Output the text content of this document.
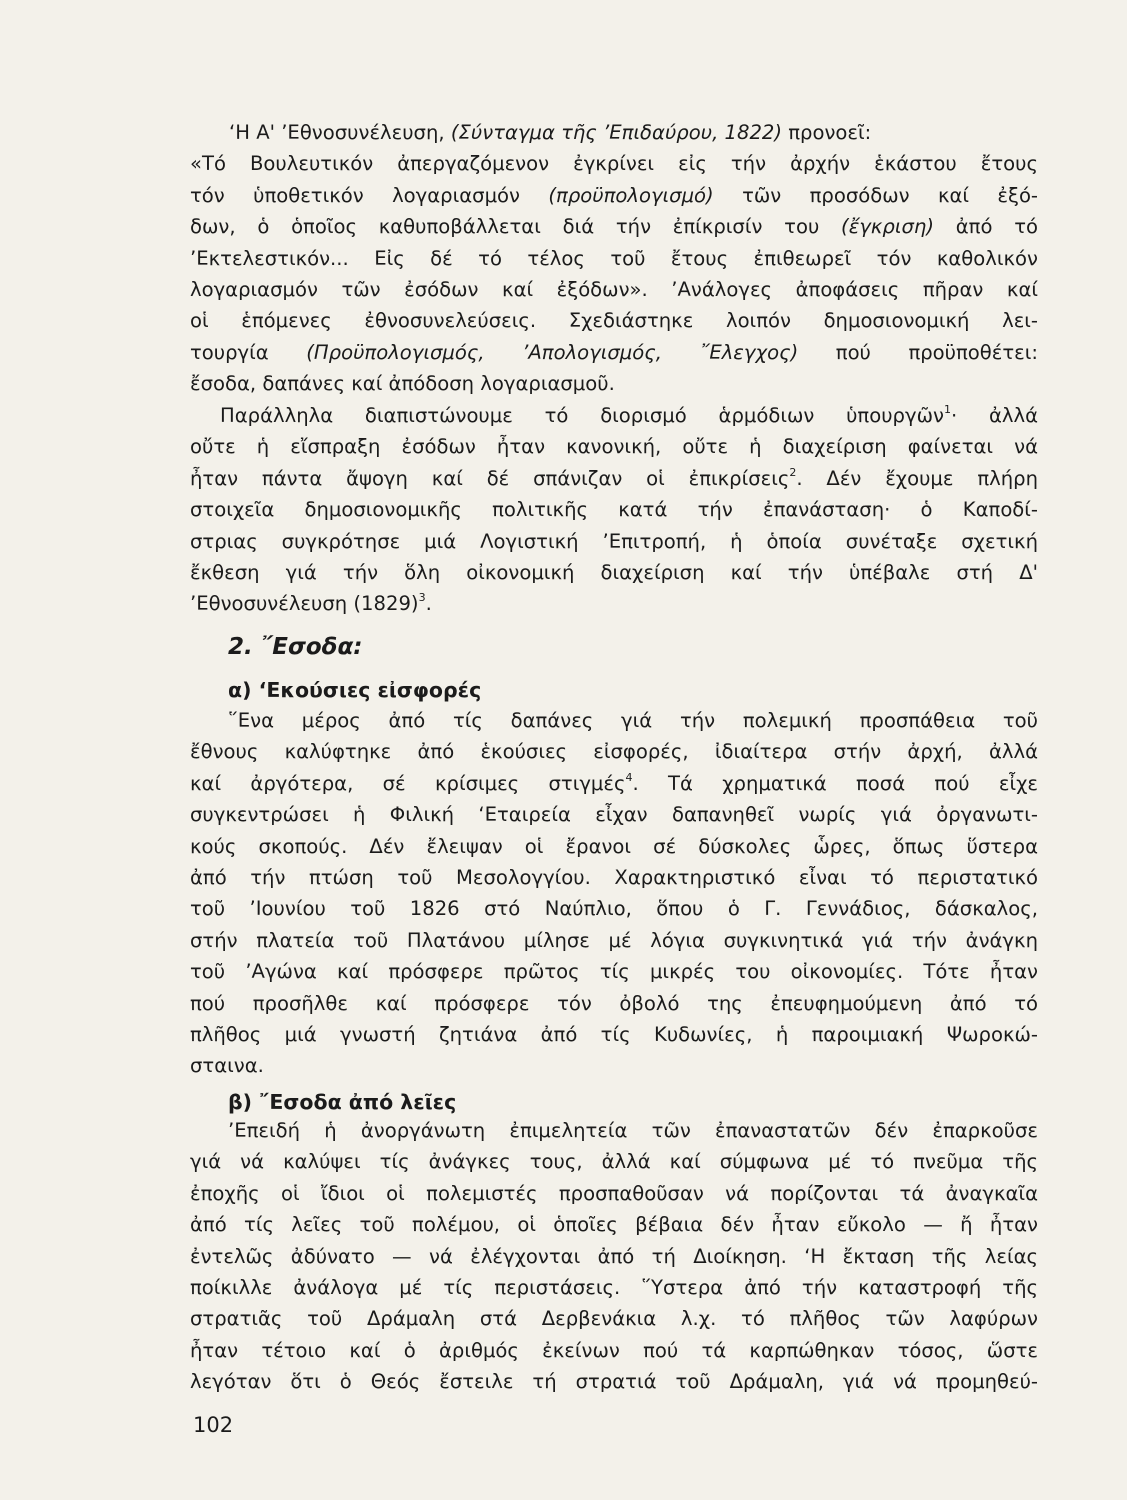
‘Η Α' ’Εθνοσυνέλευση, (Σύνταγμα τῆς ’Επιδαύρου, 1822) προνοεῖ:
«Τό Βουλευτικόν ἀπεργαζόμενον ἐγκρίνει εἰς τήν ἀρχήν ἑκάστου ἔτους
τόν ὑποθετικόν λογαριασμόν (προϋπολογισμό) τῶν προσόδων καί ἐξό-
δων, ὁ ὁποῖος καθυποβάλλεται διά τήν ἐπίκρισίν του (ἔγκριση) ἀπό τό
’Εκτελεστικόν... Εἰς δέ τό τέλος τοῦ ἔτους ἐπιθεωρεῖ τόν καθολικόν
λογαριασμόν τῶν ἐσόδων καί ἐξόδων». ’Ανάλογες ἀποφάσεις πῆραν καί
οἱ ἑπόμενες ἐθνοσυνελεύσεις. Σχεδιάστηκε λοιπόν δημοσιονομική λει-
τουργία (Προϋπολογισμός, ’Απολογισμός, ῎Ελεγχος) πού προϋποθέτει:
ἔσοδα, δαπάνες καί ἀπόδοση λογαριασμοῦ.
Παράλληλα διαπιστώνουμε τό διορισμό ἁρμόδιων ὑπουργῶν$^1$· ἀλλά
οὔτε ἡ εἴσπραξη ἐσόδων ἦταν κανονική, οὔτε ἡ διαχείριση φαίνεται νά
ἦταν πάντα ἄψογη καί δέ σπάνιζαν οἱ ἐπικρίσεις$^2$. Δέν ἔχουμε πλήρη
στοιχεῖα δημοσιονομικῆς πολιτικῆς κατά τήν ἐπανάσταση· ὁ Καποδί-
στριας συγκρότησε μιά Λογιστική ’Επιτροπή, ἡ ὁποία συνέταξε σχετική
ἔκθεση γιά τήν ὅλη οἰκονομική διαχείριση καί τήν ὑπέβαλε στή Δ'
’Εθνοσυνέλευση $(1829)^3$.
2. ῎Εσοδα:
α) ‘Εκούσιες εἰσφορές
῞Ενα μέρος ἀπό τίς δαπάνες γιά τήν πολεμική προσπάθεια τοῦ
ἔθνους καλύφτηκε ἀπό ἑκούσιες εἰσφορές, ἰδιαίτερα στήν ἀρχή, ἀλλά
καί ἀργότερα, σέ κρίσιμες στιγμές$^4$. Τά χρηματικά ποσά πού εἶχε
συγκεντρώσει ἡ Φιλική ‘Εταιρεία εἶχαν δαπανηθεῖ νωρίς γιά ὀργανωτι-
κούς σκοπούς. Δέν ἔλειψαν οἱ ἔρανοι σέ δύσκολες ὧρες, ὅπως ὕστερα
ἀπό τήν πτώση τοῦ Μεσολογγίου. Χαρακτηριστικό εἶναι τό περιστατικό
τοῦ ’Ιουνίου τοῦ 1826 στό Ναύπλιο, ὅπου ὁ Γ. Γεννάδιος, δάσκαλος,
στήν πλατεία τοῦ Πλατάνου μίλησε μέ λόγια συγκινητικά γιά τήν ἀνάγκη
τοῦ ’Αγώνα καί πρόσφερε πρῶτος τίς μικρές του οἰκονομίες. Τότε ἦταν
πού προσῆλθε καί πρόσφερε τόν ὀβολό της ἐπευφημούμενη ἀπό τό
πλῆθος μιά γνωστή ζητιάνα ἀπό τίς Κυδωνίες, ἡ παροιμιακή Ψωροκώ-
σταινα.
β) ῎Εσοδα ἀπό λεῖες
’Επειδή ἡ ἀνοργάνωτη ἐπιμελητεία τῶν ἐπαναστατῶν δέν ἐπαρκοῦσε
γιά νά καλύψει τίς ἀνάγκες τους, ἀλλά καί σύμφωνα μέ τό πνεῦμα τῆς
ἐποχῆς οἱ ἴδιοι οἱ πολεμιστές προσπαθοῦσαν νά πορίζονται τά ἀναγκαῖα
ἀπό τίς λεῖες τοῦ πολέμου, οἱ ὁποῖες βέβαια δέν ἦταν εὔκολο — ἤ ἦταν
ἐντελῶς ἀδύνατο — νά ἐλέγχονται ἀπό τή Διοίκηση. ‘Η ἔκταση τῆς λείας
ποίκιλλε ἀνάλογα μέ τίς περιστάσεις. ῞Υστερα ἀπό τήν καταστροφή τῆς
στρατιᾶς τοῦ Δράμαλη στά Δερβενάκια λ.χ. τό πλῆθος τῶν λαφύρων
ἦταν τέτοιο καί ὁ ἀριθμός ἐκείνων πού τά καρπώθηκαν τόσος, ὥστε
λεγόταν ὅτι ὁ Θεός ἔστειλε τή στρατιά τοῦ Δράμαλη, γιά νά προμηθεύ-
102
